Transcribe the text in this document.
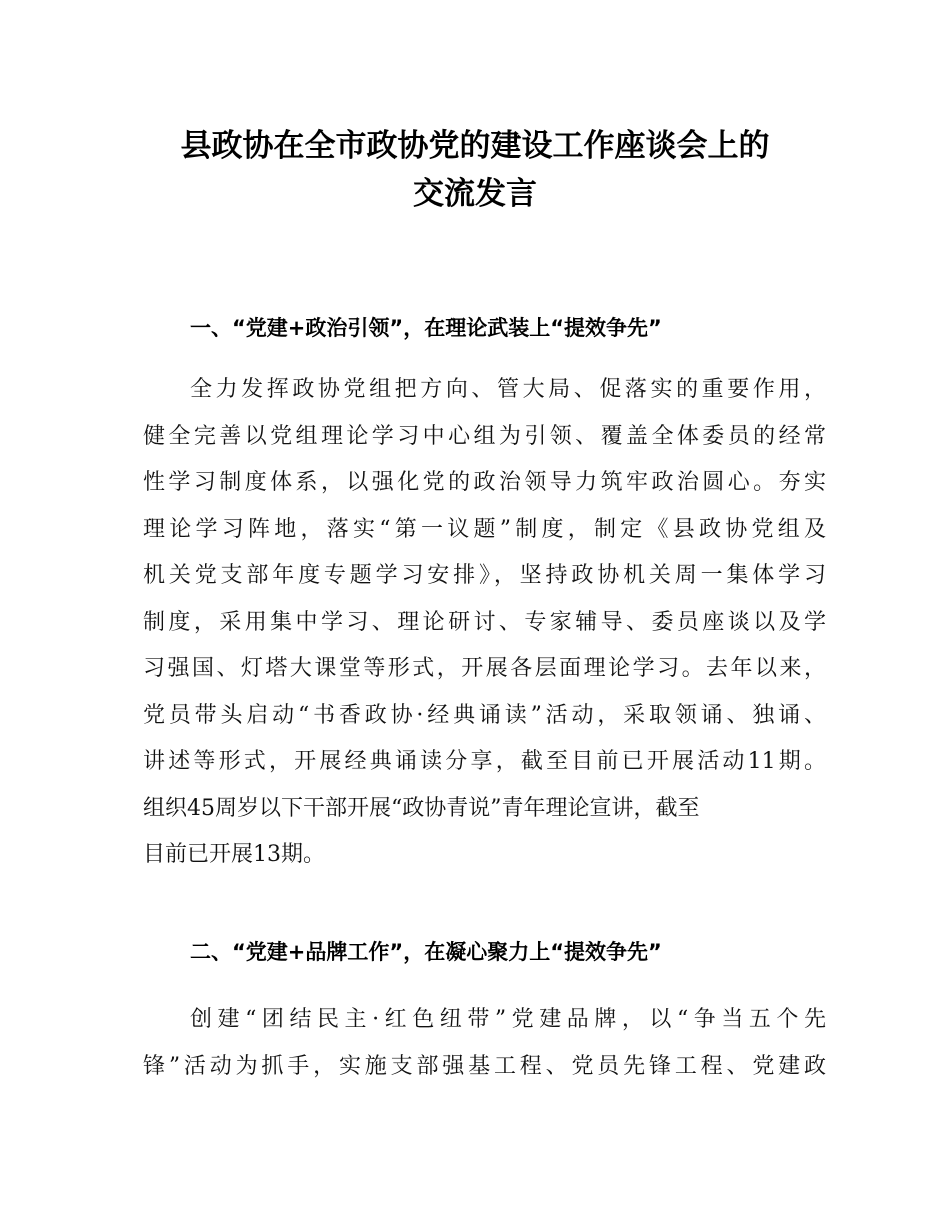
县政协在全市政协党的建设工作座谈会上的
交流发言
一、“党建+政治引领”，在理论武装上“提效争先”
全力发挥政协党组把方向、管大局、促落实的重要作用，
健全完善以党组理论学习中心组为引领、覆盖全体委员的经常
性学习制度体系，以强化党的政治领导力筑牢政治圆心。夯实
理论学习阵地，落实“第一议题”制度，制定《县政协党组及
机关党支部年度专题学习安排》，坚持政协机关周一集体学习
制度，采用集中学习、理论研讨、专家辅导、委员座谈以及学
习强国、灯塔大课堂等形式，开展各层面理论学习。去年以来，
党员带头启动“书香政协·经典诵读”活动，采取领诵、独诵、
讲述等形式，开展经典诵读分享，截至目前已开展活动11期。
组织45周岁以下干部开展“政协青说”青年理论宣讲，截至
目前已开展13期。
二、“党建+品牌工作”，在凝心聚力上“提效争先”
创建“团结民主·红色纽带”党建品牌，以“争当五个先
锋”活动为抓手，实施支部强基工程、党员先锋工程、党建政
